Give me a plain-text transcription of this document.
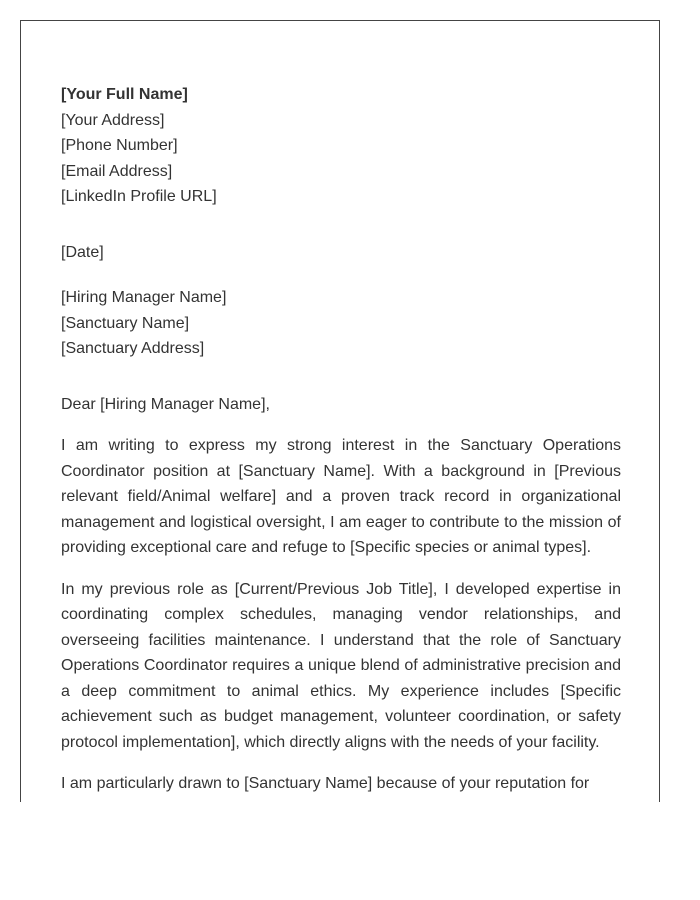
[Your Full Name]
[Your Address]
[Phone Number]
[Email Address]
[LinkedIn Profile URL]
[Date]
[Hiring Manager Name]
[Sanctuary Name]
[Sanctuary Address]
Dear [Hiring Manager Name],

I am writing to express my strong interest in the Sanctuary Operations Coordinator position at [Sanctuary Name]. With a background in [Previous relevant field/Animal welfare] and a proven track record in organizational management and logistical oversight, I am eager to contribute to the mission of providing exceptional care and refuge to [Specific species or animal types].

In my previous role as [Current/Previous Job Title], I developed expertise in coordinating complex schedules, managing vendor relationships, and overseeing facilities maintenance. I understand that the role of Sanctuary Operations Coordinator requires a unique blend of administrative precision and a deep commitment to animal ethics. My experience includes [Specific achievement such as budget management, volunteer coordination, or safety protocol implementation], which directly aligns with the needs of your facility.

I am particularly drawn to [Sanctuary Name] because of your reputation for
